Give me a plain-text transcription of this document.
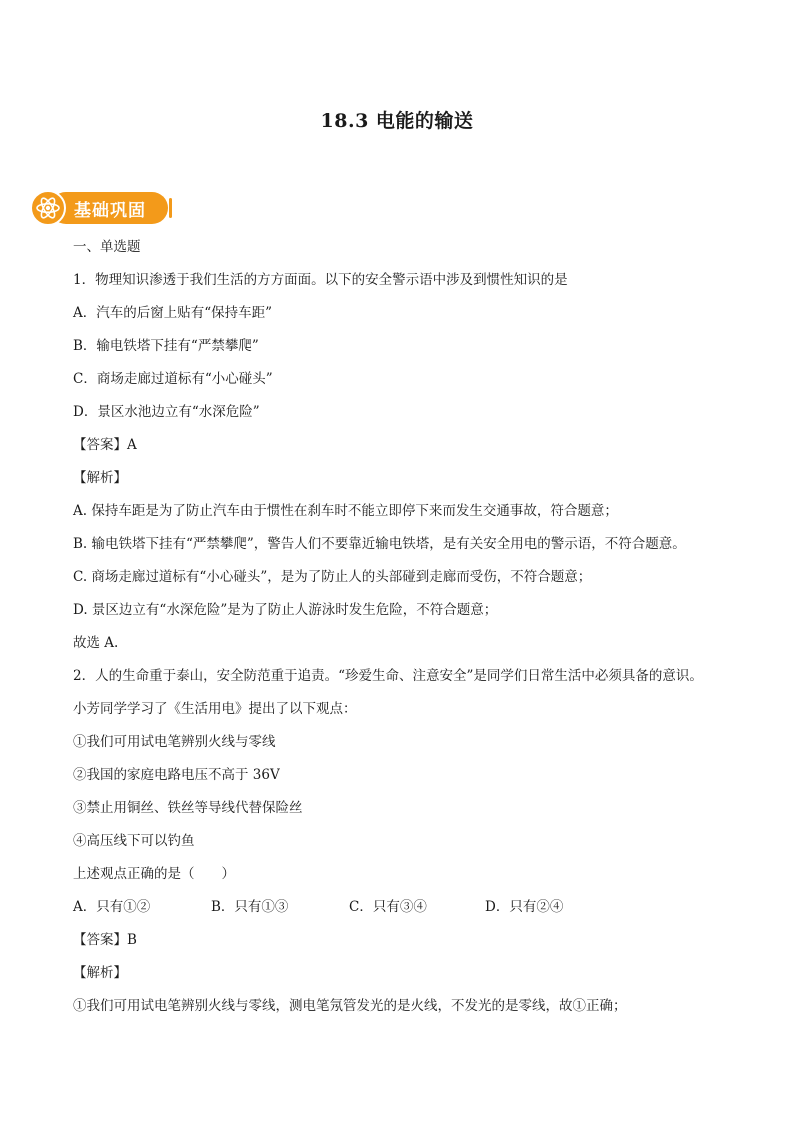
18.3 电能的输送
基础巩固
一、单选题
1．物理知识渗透于我们生活的方方面面。以下的安全警示语中涉及到惯性知识的是
A．汽车的后窗上贴有“保持车距”
B．输电铁塔下挂有“严禁攀爬”
C．商场走廊过道标有“小心碰头”
D．景区水池边立有“水深危险”
【答案】A
【解析】
A. 保持车距是为了防止汽车由于惯性在刹车时不能立即停下来而发生交通事故，符合题意；
B. 输电铁塔下挂有“严禁攀爬”，警告人们不要靠近输电铁塔，是有关安全用电的警示语，不符合题意。
C. 商场走廊过道标有“小心碰头”，是为了防止人的头部碰到走廊而受伤，不符合题意；
D. 景区边立有“水深危险”是为了防止人游泳时发生危险，不符合题意；
故选 A.
2．人的生命重于泰山，安全防范重于追责。“珍爱生命、注意安全”是同学们日常生活中必须具备的意识。
小芳同学学习了《生活用电》提出了以下观点：
①我们可用试电笔辨别火线与零线
②我国的家庭电路电压不高于 36V
③禁止用铜丝、铁丝等导线代替保险丝
④高压线下可以钓鱼
上述观点正确的是（　　）
A．只有①②	B．只有①③	C．只有③④	D．只有②④
【答案】B
【解析】
①我们可用试电笔辨别火线与零线，测电笔氖管发光的是火线，不发光的是零线，故①正确；
